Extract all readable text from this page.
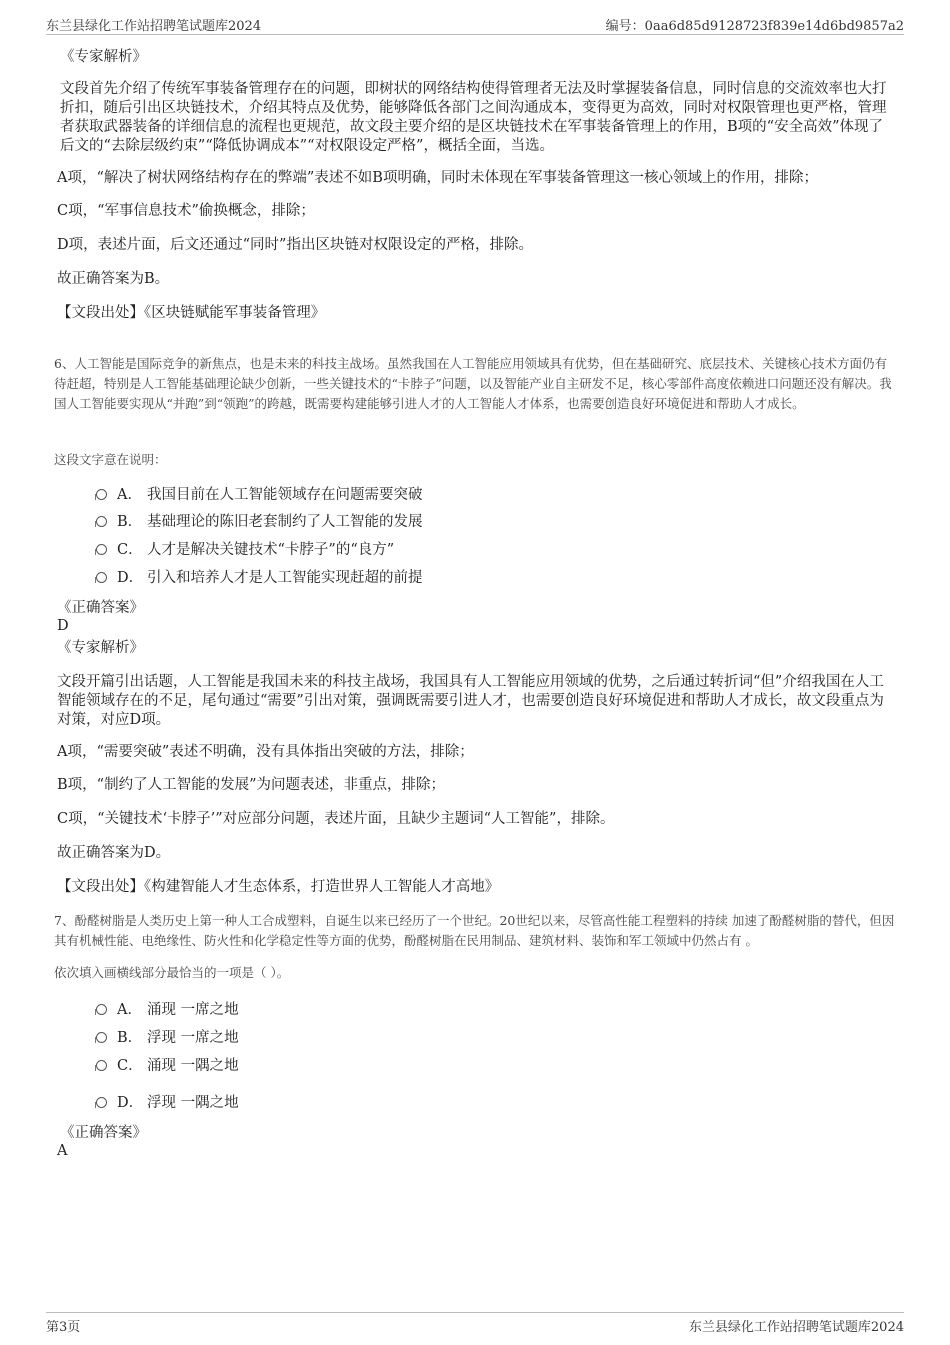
东兰县绿化工作站招聘笔试题库2024	编号：0aa6d85d9128723f839e14d6bd9857a2

《专家解析》

文段首先介绍了传统军事装备管理存在的问题，即树状的网络结构使得管理者无法及时掌握装备信息，同时信息的交流效率也大打折扣，随后引出区块链技术，介绍其特点及优势，能够降低各部门之间沟通成本，变得更为高效，同时对权限管理也更严格，管理者获取武器装备的详细信息的流程也更规范，故文段主要介绍的是区块链技术在军事装备管理上的作用，B项的“安全高效”体现了后文的“去除层级约束”“降低协调成本”“对权限设定严格”，概括全面，当选。

A项，“解决了树状网络结构存在的弊端”表述不如B项明确，同时未体现在军事装备管理这一核心领域上的作用，排除；

C项，“军事信息技术”偷换概念，排除；

D项，表述片面，后文还通过“同时”指出区块链对权限设定的严格，排除。

故正确答案为B。

【文段出处】《区块链赋能军事装备管理》

6、人工智能是国际竞争的新焦点，也是未来的科技主战场。虽然我国在人工智能应用领域具有优势，但在基础研究、底层技术、关键核心技术方面仍有待赶超，特别是人工智能基础理论缺少创新，一些关键技术的“卡脖子”问题，以及智能产业自主研发不足，核心零部件高度依赖进口问题还没有解决。我国人工智能要实现从“并跑”到“领跑”的跨越，既需要构建能够引进人才的人工智能人才体系，也需要创造良好环境促进和帮助人才成长。

这段文字意在说明：

A． 我国目前在人工智能领域存在问题需要突破
B． 基础理论的陈旧老套制约了人工智能的发展
C． 人才是解决关键技术“卡脖子”的“良方”
D． 引入和培养人才是人工智能实现赶超的前提

《正确答案》

D

《专家解析》

文段开篇引出话题，人工智能是我国未来的科技主战场，我国具有人工智能应用领域的优势，之后通过转折词“但”介绍我国在人工智能领域存在的不足，尾句通过“需要”引出对策，强调既需要引进人才，也需要创造良好环境促进和帮助人才成长，故文段重点为对策，对应D项。

A项，“需要突破”表述不明确，没有具体指出突破的方法，排除；

B项，“制约了人工智能的发展”为问题表述，非重点，排除；

C项，“关键技术‘卡脖子’”对应部分问题，表述片面，且缺少主题词“人工智能”，排除。

故正确答案为D。

【文段出处】《构建智能人才生态体系，打造世界人工智能人才高地》

7、酚醛树脂是人类历史上第一种人工合成塑料，自诞生以来已经历了一个世纪。20世纪以来，尽管高性能工程塑料的持续 加速了酚醛树脂的替代，但因其有机械性能、电绝缘性、防火性和化学稳定性等方面的优势，酚醛树脂在民用制品、建筑材料、装饰和军工领域中仍然占有 。

依次填入画横线部分最恰当的一项是（ ）。

A． 涌现 一席之地
B． 浮现 一席之地
C． 涌现 一隅之地
D． 浮现 一隅之地

《正确答案》

A

第3页	东兰县绿化工作站招聘笔试题库2024
